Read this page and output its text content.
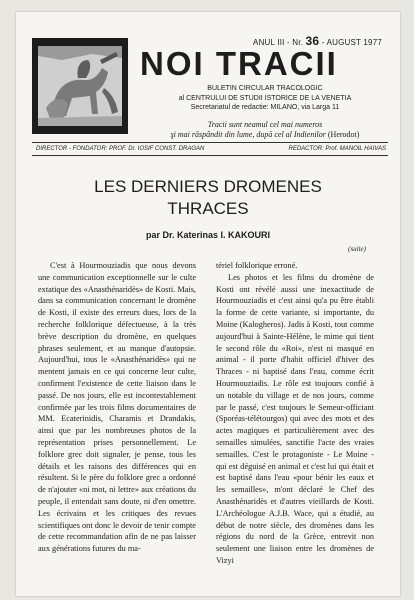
ANUL III - Nr. 36 - AUGUST 1977
NOI TRACII
BULETIN CIRCULAR TRACOLOGIC
al CENTRULUI DE STUDII ISTORICE DE LA VENETIA
Secretariatul de redactie: MILANO, via Larga 11
Tracii sunt neamul cel mai numeros
şi mai răspândit din lume, după cel al Indienilor (Herodot)
DIRECTOR - FONDATOR: PROF. Dr. IOSIF CONST. DRAGAN	REDACTOR: Prof. MANOIL HAIVAS
LES DERNIERS DROMENES
THRACES
par Dr. Katerinas I. KAKOURI
(suite)

C'est à Hourmouziadis que nous devons une communication exceptionnelle sur le culte extatique des «Anasthénaridès» de Kosti. Mais, dans sa communication concernant le dromène de Kosti, il existe des erreurs dues, lors de la recherche folklorique défectueuse, à la très brève description du dromène, en quelques phrases seulement, et au manque d'autopsie. Aujourd'hui, tous le «Anasthénaridès» qui ne mentent jamais en ce qui concerne leur culte, confirment l'existence de cette liaison dans le passé. De nos jours, elle est incontestablement confirmée par les trois films documentaires de MM. Ecaterinidis, Charamis et Drandakis, ainsi que par les nombreuses photos de la représentation prises personnellement. Le folklore grec doit signaler, je pense, tous les détails et les raisons des différences qui en résultent. Si le père du folklore grec a ordonné de n'ajouter «ni mot, ni lettre» aux créations du peuple, il entendait sans doute, ni d'en omettre. Les écrivains et les critiques des revues scientifiques ont donc le devoir de tenir compte de cette recommandation afin de ne pas laisser aux générations futures du ma-

tériel folklorique erroné.

Les photos et les films du dromène de Kosti ont révélé aussi une inexactitude de Hourmouziadis et c'est ainsi qu'a pu être établi la forme de cette variante, si importante, du Moine (Kalogheros). Jadis à Kosti, tout comme aujourd'hui à Sainte-Hélène, le mime qui tient le second rôle du «Roi», n'est ni masqué en animal - il porte d'habit officiel d'hiver des Thraces - ni baptisé dans l'eau, comme écrit Hourmouziadis. Le rôle est toujours confié à un notable du village et de nos jours, comme par le passé, c'est toujours le Semeur-officiant (Sporéas-télétourgos) qui avec des mots et des actes magiques et particulièrement avec des semailles simulées, sanctifie l'acte des vraies semailles. C'est le protagoniste - Le Moine - qui est déguisé en animal et c'est lui qui était et est baptisé dans l'eau «pour bénir les eaux et les semailles», m'ont déclaré le Chef des Anasthénaridès et d'autres vieillards de Kosti. L'Archéologue A.J.B. Wace, qui a étudié, au début de notre siècle, des dromènes dans les régions du nord de la Grèce, entrevit non seulement une liaison entre les dromènes de Vizyi
